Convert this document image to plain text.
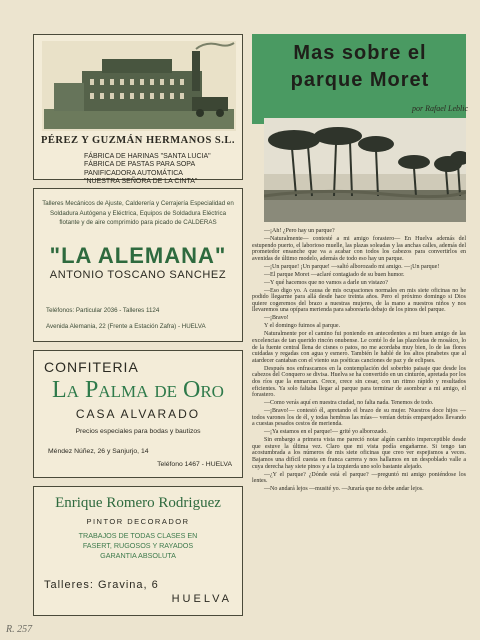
PÉREZ Y GUZMÁN HERMANOS S.L.
FÁBRICA DE HARINAS "SANTA LUCIA"
FÁBRICA DE PASTAS PARA SOPA
PANIFICADORA AUTOMÁTICA
"NUESTRA SEÑORA DE LA CINTA"
Talleres Mecánicos de Ajuste, Calderería y Cerrajería Especialidad en Soldadura Autógena y Eléctrica, Equipos de Soldadura Eléctrica flotante y de aire comprimido para picado de CALDERAS
"LA ALEMANA"
ANTONIO TOSCANO SANCHEZ
Teléfonos: Particular 2036 - Talleres 1124
Avenida Alemania, 22 (Frente a Estación Zafra) - HUELVA
CONFITERIA
La Palma de Oro
CASA ALVARADO
Precios especiales para bodas y bautizos
Méndez Núñez, 26 y Sanjurjo, 14
Teléfono 1467 - HUELVA
Enrique Romero Rodriguez
PINTOR DECORADOR
TRABAJOS DE TODAS CLASES EN
FASERT, RUGOSOS Y RAYADOS
GARANTIA ABSOLUTA
Talleres: Gravina, 6
HUELVA
Mas sobre el
parque Moret
por Rafael Leblic

—¡Ah! ¿Pero hay un parque?

—Naturalmente— contesté a mi amigo forastero— En Huelva además del estupendo puerto, el laborioso muelle, las plazas soleadas y las anchas calles, además del prometedor ensanche que va a acabar con todos los cabezos para convertirlos en avenidas de último modelo, además de todo eso hay un parque.

—¡Un parque! ¡Un parque! —saltó alborozado mi amigo. —¡Un parque!

—El parque Moret —aclaré contagiado de su buen humor.

—Y qué hacemos que no vamos a darle un vistazo?

—Eso digo yo. A causa de mis ocupaciones normales en mis siete oficinas no he podido llegarme para allá desde hace treinta años. Pero el próximo domingo si Dios quiere cogeremos del brazo a nuestras mujeres, de la mano a nuestros niños y nos llevaremos una opípara merienda para saborearla debajo de los pinos del parque.

—¡Bravo!

Y el domingo fuimos al parque.

Naturalmente por el camino fui poniendo en antecedentes a mi buen amigo de las excelencias de tan querido rincón onubense. Le conté lo de las plazoletas de mosáico, lo de la fuente central llena de cisnes o patos, no me acordaba muy bien, lo de las flores cuidadas y regadas con agua y esmero. También le hablé de los altos pinabetes que al atardecer cantaban con el viento sus poéticas canciones de paz y de eclipses.

Después nos enfrascamos en la contemplación del soberbio paisaje que desde los cabezos del Conquero se divisa. Huelva se ha convertido en un cinturón, apretada por los dos ríos que la enmarcan. Crece, crece sin cesar, con un ritmo rápido y resultados eficientes. Ya solo faltaba llegar al parque para terminar de asombrar a mi amigo, el forastero.

—Como verás aquí en nuestra ciudad, no falta nada. Tenemos de todo.

—¡Bravo!— contestó él, apretando el brazo de su mujer. Nuestros doce hijos —todos varones los de él, y todas hembras las mías— venían detrás emparejados llevando a cuestas pesados cestos de merienda.

—¡Ya estamos en el parque!— grité yo alborozado.

Sin embargo a primera vista me pareció notar algún cambio imperceptible desde que estuve la última vez. Claro que mi vista podía engañarme. Si tengo tan acostumbrada a los números de mis siete oficinas que creo ver espejismos a veces. Bajamos una difícil cuesta en franca carrera y nos hallamos en un despoblado valle a cuya derecha hay siete pinos y a la izquierda uno solo bastante alejado.

—¿Y el parque? ¿Dónde está el parque? —preguntó mi amigo poniéndose los lentes.

—No andará lejos —musité yo. —Juraría que no debe andar lejos.

R. 257
